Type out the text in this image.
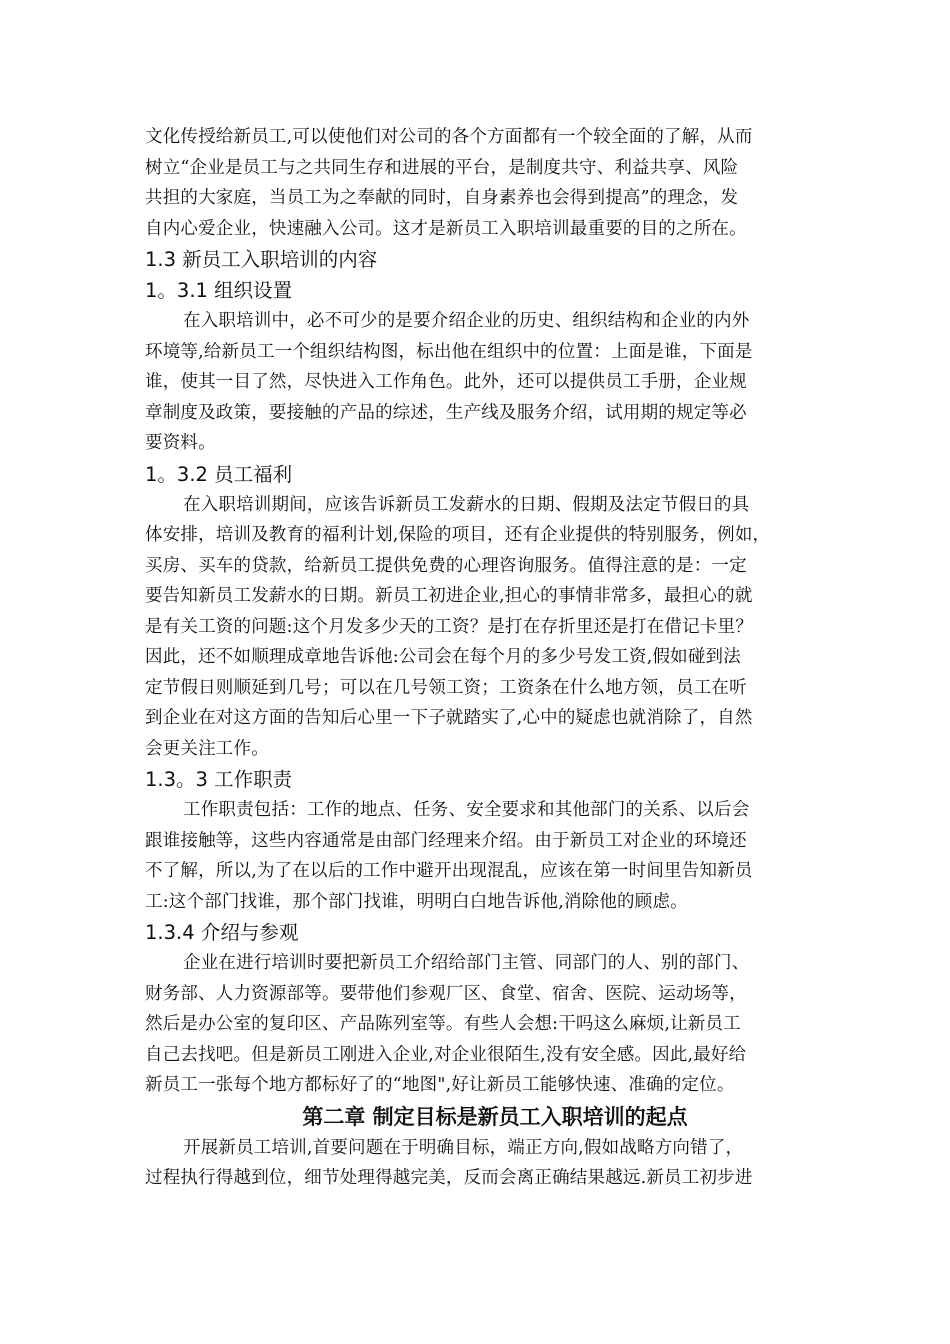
文化传授给新员工,可以使他们对公司的各个方面都有一个较全面的了解，从而
树立“企业是员工与之共同生存和进展的平台，是制度共守、利益共享、风险
共担的大家庭，当员工为之奉献的同时，自身素养也会得到提高”的理念，发
自内心爱企业，快速融入公司。这才是新员工入职培训最重要的目的之所在。
1.3 新员工入职培训的内容
1。3.1 组织设置
在入职培训中，必不可少的是要介绍企业的历史、组织结构和企业的内外
环境等,给新员工一个组织结构图，标出他在组织中的位置：上面是谁，下面是
谁，使其一目了然，尽快进入工作角色。此外，还可以提供员工手册，企业规
章制度及政策，要接触的产品的综述，生产线及服务介绍，试用期的规定等必
要资料。
1。3.2 员工福利
在入职培训期间，应该告诉新员工发薪水的日期、假期及法定节假日的具
体安排，培训及教育的福利计划,保险的项目，还有企业提供的特别服务，例如，
买房、买车的贷款，给新员工提供免费的心理咨询服务。值得注意的是：一定
要告知新员工发薪水的日期。新员工初进企业,担心的事情非常多，最担心的就
是有关工资的问题:这个月发多少天的工资？是打在存折里还是打在借记卡里？
因此，还不如顺理成章地告诉他:公司会在每个月的多少号发工资,假如碰到法
定节假日则顺延到几号；可以在几号领工资；工资条在什么地方领，员工在听
到企业在对这方面的告知后心里一下子就踏实了,心中的疑虑也就消除了，自然
会更关注工作。
1.3。3 工作职责
工作职责包括：工作的地点、任务、安全要求和其他部门的关系、以后会
跟谁接触等，这些内容通常是由部门经理来介绍。由于新员工对企业的环境还
不了解，所以,为了在以后的工作中避开出现混乱，应该在第一时间里告知新员
工:这个部门找谁，那个部门找谁，明明白白地告诉他,消除他的顾虑。
1.3.4 介绍与参观
企业在进行培训时要把新员工介绍给部门主管、同部门的人、别的部门、
财务部、人力资源部等。要带他们参观厂区、食堂、宿舍、医院、运动场等，
然后是办公室的复印区、产品陈列室等。有些人会想:干吗这么麻烦,让新员工
自己去找吧。但是新员工刚进入企业,对企业很陌生,没有安全感。因此,最好给
新员工一张每个地方都标好了的“地图",好让新员工能够快速、准确的定位。
第二章 制定目标是新员工入职培训的起点
开展新员工培训,首要问题在于明确目标，端正方向,假如战略方向错了，
过程执行得越到位，细节处理得越完美，反而会离正确结果越远.新员工初步进
